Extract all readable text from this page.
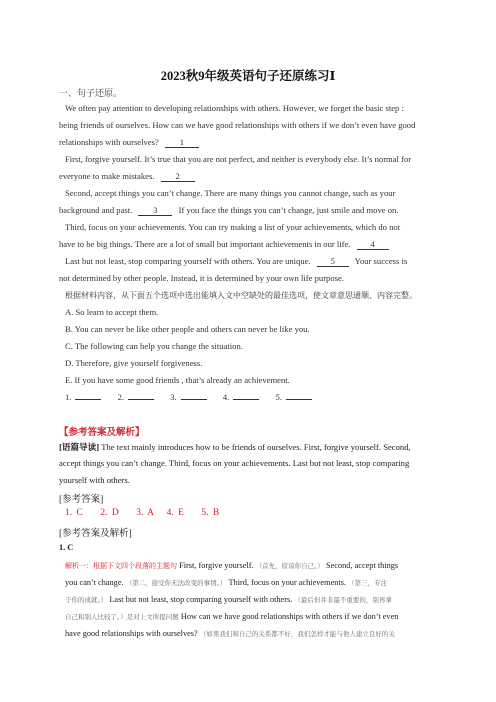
2023秋9年级英语句子还原练习Ⅰ
一、句子还原。
We often pay attention to developing relationships with others. However, we forget the basic step :
being friends of ourselves. How can we have good relationships with others if we don’t even have good
relationships with ourselves? 1
First, forgive yourself. It’s true that you are not perfect, and neither is everybody else. It’s normal for
everyone to make mistakes. 2
Second, accept things you can’t change. There are many things you cannot change, such as your
background and past. 3 If you face the things you can’t change, just smile and move on.
Third, focus on your achievements. You can try making a list of your achievements, which do not
have to be big things. There are a lot of small but important achievements in our life. 4
Last but not least, stop comparing yourself with others. You are unique. 5 Your success is
not determined by other people. Instead, it is determined by your own life purpose.
根据材料内容，从下面五个选项中选出能填入文中空缺处的最佳选项，使文章意思通顺、内容完整。
A. So learn to accept them.
B. You can never be like other people and others can never be like you.
C. The following can help you change the situation.
D. Therefore, give yourself forgiveness.
E. If you have some good friends , that’s already an achievement.
1.	2.	3.	4.	5.
【参考答案及解析】
[语篇导读] The text mainly introduces how to be friends of ourselves. First, forgive yourself. Second,
accept things you can’t change. Third, focus on your achievements. Last but not least, stop comparing
yourself with others.
[参考答案]
1. C    2. D    3. A   4. E    5. B
[参考答案及解析]
1. C
解析一：根据下文四个段落的主题句 First, forgive yourself. （首先，原谅你自己。） Second, accept things
you can’t change. （第二，接受你无法改变的事情。） Third, focus on your achievements. （第三，专注
于你的成就。） Last but not least, stop comparing yourself with others. （最后但并非最不重要的，别再拿
自己和别人比较了。）是对上文所提问题 How can we have good relationships with others if we don’t even
have good relationships with ourselves? （如果我们和自己的关系都不好，我们怎样才能与他人建立良好的关
